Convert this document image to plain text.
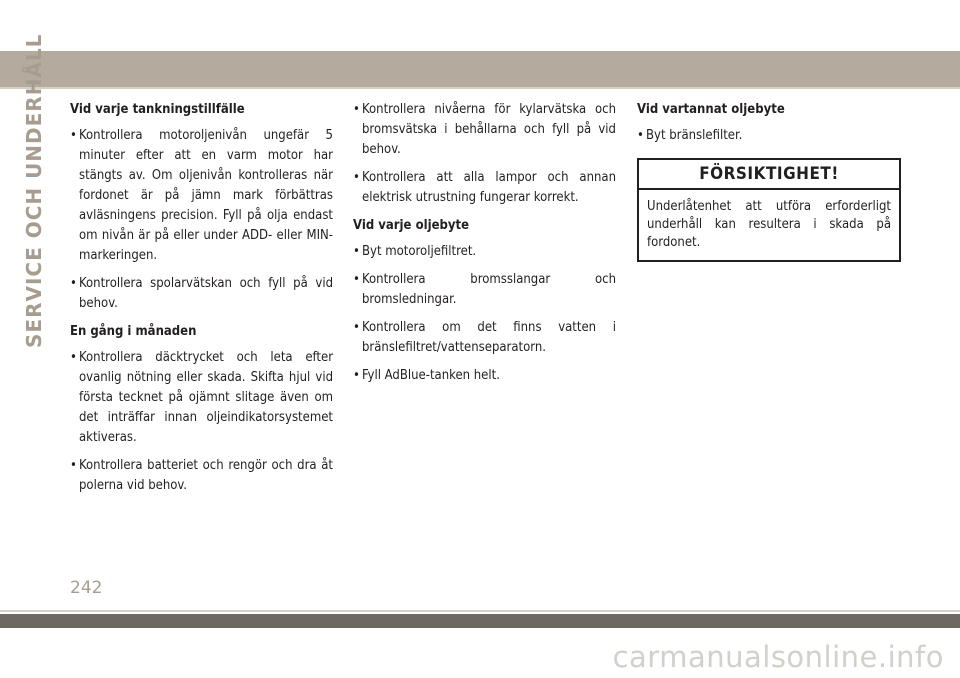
SERVICE OCH UNDERHÅLL Vid varje tankningstillfälle
• Kontrollera motoroljenivån ungefär 5 minuter efter att en varm motor har stängts av. Om oljenivån kontrolleras när fordonet är på jämn mark förbättras avläsningens precision. Fyll på olja endast om nivån är på eller under ADD- eller MIN-markeringen.
• Kontrollera spolarvätskan och fyll på vid behov.
En gång i månaden
• Kontrollera däcktrycket och leta efter ovanlig nötning eller skada. Skifta hjul vid första tecknet på ojämnt slitage även om det inträffar innan oljeindikatorsystemet aktiveras.
• Kontrollera batteriet och rengör och dra åt polerna vid behov.
• Kontrollera nivåerna för kylarvätska och bromsvätska i behållarna och fyll på vid behov.
• Kontrollera att alla lampor och annan elektrisk utrustning fungerar korrekt.
Vid varje oljebyte
• Byt motoroljefiltret.
• Kontrollera bromsslangar och bromsledningar.
• Kontrollera om det finns vatten i bränslefiltret/vattenseparatorn.
• Fyll AdBlue-tanken helt.
Vid vartannat oljebyte
• Byt bränslefilter.
FÖRSIKTIGHET!
Underlåtenhet att utföra erforderligt underhåll kan resultera i skada på fordonet.
242
carmanualsonline.info
